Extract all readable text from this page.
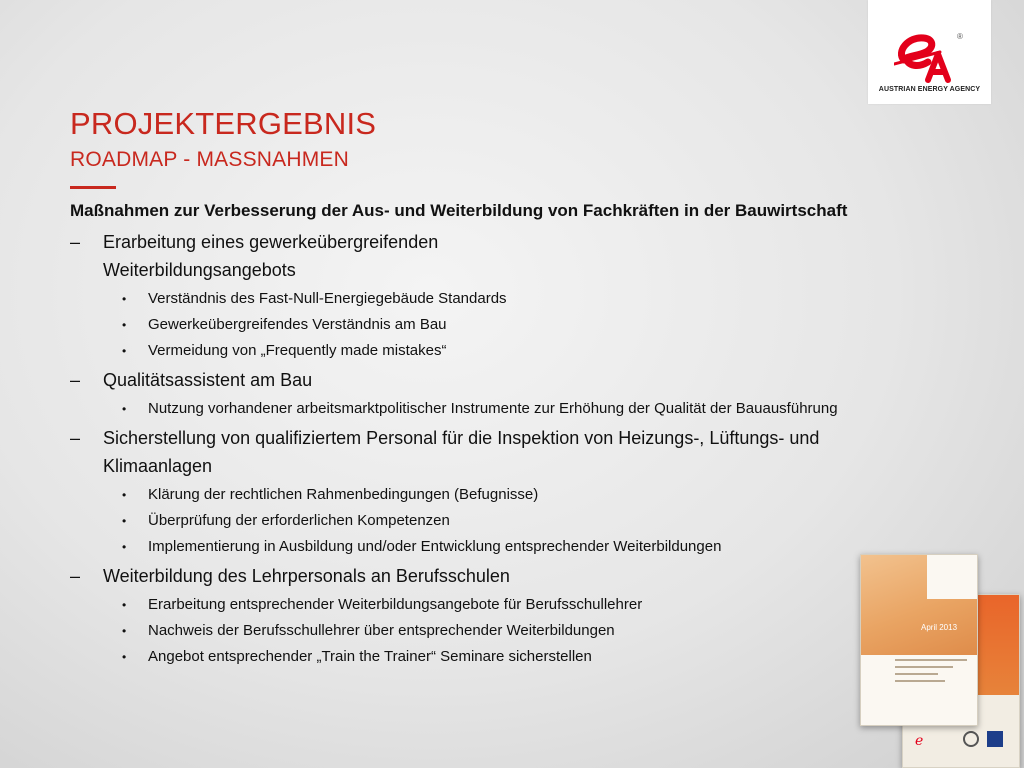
®
AUSTRIAN ENERGY AGENCY
PROJEKTERGEBNIS
ROADMAP - MASSNAHMEN
Maßnahmen zur Verbesserung der Aus- und Weiterbildung von Fachkräften in der Bauwirtschaft
– Erarbeitung eines gewerkeübergreifenden
Weiterbildungsangebots
• Verständnis des Fast-Null-Energiegebäude Standards
• Gewerkeübergreifendes Verständnis am Bau
• Vermeidung von „Frequently made mistakes“
– Qualitätsassistent am Bau
• Nutzung vorhandener arbeitsmarktpolitischer Instrumente zur Erhöhung der Qualität der Bauausführung
– Sicherstellung von qualifiziertem Personal für die Inspektion von Heizungs-, Lüftungs- und Klimaanlagen
• Klärung der rechtlichen Rahmenbedingungen (Befugnisse)
• Überprüfung der erforderlichen Kompetenzen
• Implementierung in Ausbildung und/oder Entwicklung entsprechender Weiterbildungen
– Weiterbildung des Lehrpersonals an Berufsschulen
• Erarbeitung entsprechender Weiterbildungsangebote für Berufsschullehrer
• Nachweis der Berufsschullehrer über entsprechender Weiterbildungen
• Angebot entsprechender „Train the Trainer“ Seminare sicherstellen
e
April 2013
